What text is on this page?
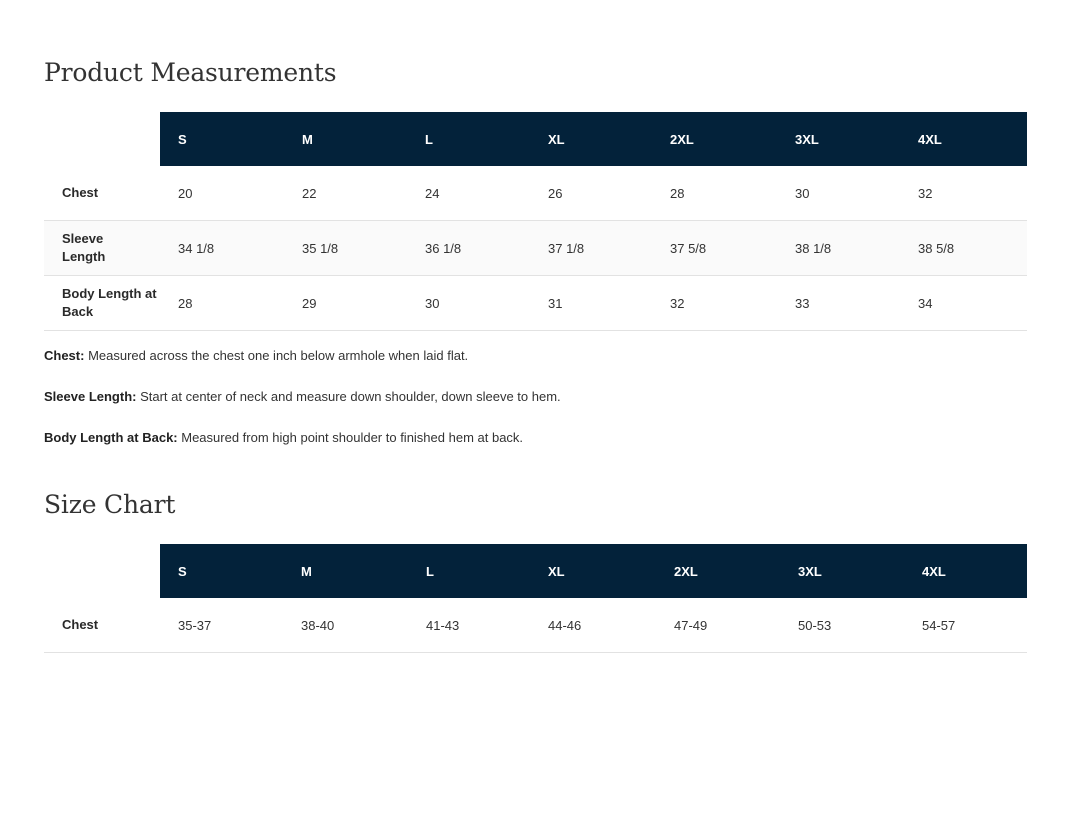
Product Measurements
	S	M	L	XL	2XL	3XL	4XL
Chest	20	22	24	26	28	30	32
Sleeve Length	34 1/8	35 1/8	36 1/8	37 1/8	37 5/8	38 1/8	38 5/8
Body Length at Back	28	29	30	31	32	33	34

Chest: Measured across the chest one inch below armhole when laid flat.

Sleeve Length: Start at center of neck and measure down shoulder, down sleeve to hem.

Body Length at Back: Measured from high point shoulder to finished hem at back.

Size Chart
	S	M	L	XL	2XL	3XL	4XL
Chest	35-37	38-40	41-43	44-46	47-49	50-53	54-57
